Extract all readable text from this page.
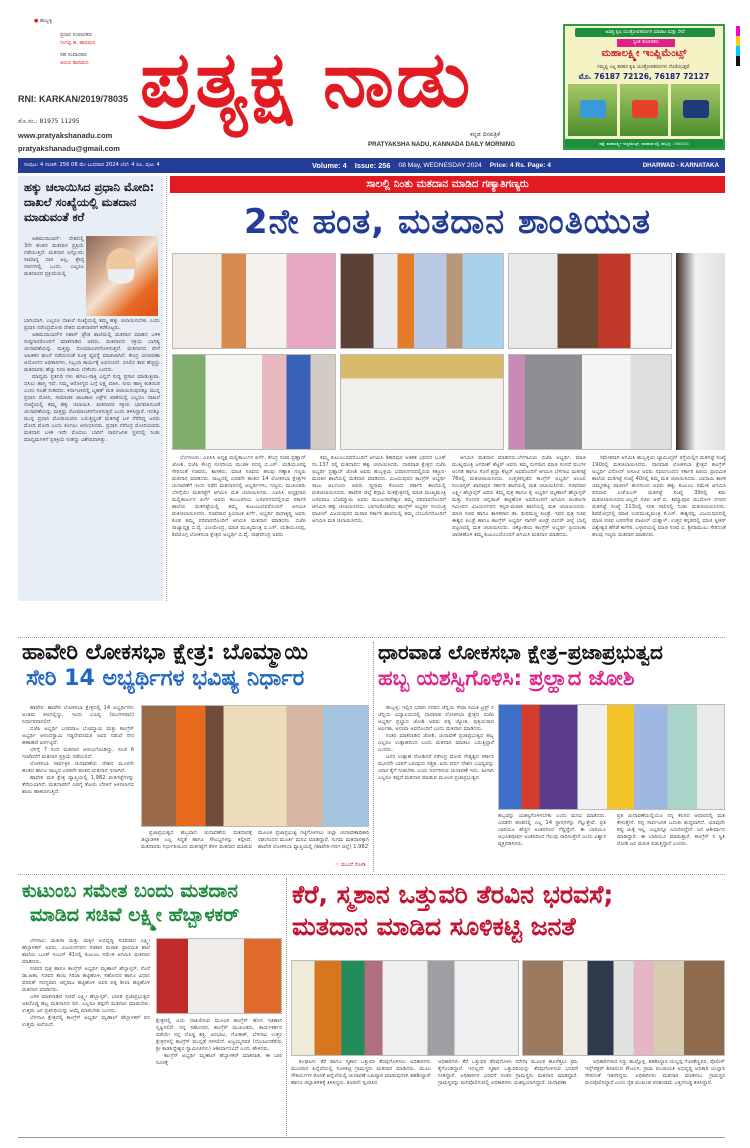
● ಹುಬ್ಬಳ್ಳಿ
ಪ್ರಧಾನ ಸಂಪಾದಕರು
ಗಂಗಪ್ಪ ಹ. ಹಾದಿಮನಿ
ಸಹ ಸಂಪಾದಕರು
ಅರುಣ ಹಾದಿಮನಿ
RNI: KARKAN/2019/78035
ಮೊ.ಸಂ.: 81975 11295
www.pratyakshanadu.com
pratyakshanadu@gmail.com
ಪ್ರತ್ಯಕ್ಷ ನಾಡು
ಕನ್ನಡ ದಿನಪತ್ರಿಕೆ
PRATYAKSHA NADU, KANNADA DAILY MORNING
ಅವಶ್ಯ ಕೃಷಿ ಯಂತ್ರೋಪಕರಣಗಳ ಮಾರಾಟ ಮತ್ತು ಸೇವೆ
ಸ್ವಂತ ತಯಾರಕರು
ಮಹಾಲಕ್ಷ್ಮೀ ಇಂಪ್ಲಿಮೆಂಟ್ಸ್
ನಮ್ಮಲ್ಲಿ ಎಲ್ಲ ತರಹದ ಕೃಷಿ ಯಂತ್ರೋಪಕರಣಗಳು ದೊರೆಯುತ್ತವೆ.
ಮೊ. 76187 72126, 76187 72127
ಪತ್ತೆ: ಮಹಾಲಕ್ಷ್ಮೀ ಇಂಪ್ಲಿಮೆಂಟ್ಸ್, ಧಾರವಾಡ ರಸ್ತೆ, ಹುಬ್ಬಳ್ಳಿ - 580024
ಸಂಪುಟ: 4 ಸಂಚಿಕೆ: 256 08 ಮೇ ಬುಧವಾರ 2024 ಬೆಲೆ: 4 ರೂ. ಪುಟ: 4	Volume: 4 Issue: 256 08 May, WEDNESDAY 2024 Price: 4 Rs. Page: 4	DHARWAD - KARNATAKA
ಹಕ್ಕು ಚಲಾಯಿಸಿದ ಪ್ರಧಾನಿ ಮೋದಿ: ದಾಖಲೆ ಸಂಖ್ಯೆಯಲ್ಲಿ ಮತದಾನ ಮಾಡುವಂತೆ ಕರೆ

ಅಹಮದಾಬಾದ್: ದೇಶದಲ್ಲಿ 3ನೇ ಹಂತದ ಮತದಾನ ಪ್ರಕ್ರಿಯೆ ನಡೆಯುತ್ತಿದೆ. ಮತದಾನ ಅನ್ನೋದು ಸಾಮಾನ್ಯ ದಾನ ಅಲ್ಲ. ಶ್ರೇಷ್ಠ ದಾನಗಳಲ್ಲಿ ಒಂದು. ಎಲ್ಲರೂ ಮತದಾನದ ಪ್ರಕ್ರಿಯೆಯಲ್ಲಿ

ಭಾಗಿಯಾಗಿ. ಎಲ್ಲರೂ ದಾಖಲೆ ಸಂಖ್ಯೆಯಲ್ಲಿ ತಮ್ಮ ಹಕ್ಕು ಚಲಾಯಿಸಬೇಕು ಎಂದು ಪ್ರಧಾನಿ ನರೇಂದ್ರಮೋದಿ ದೇಶದ ಮತದಾರರಿಗೆ ಕರೆಕೊಟ್ಟರು.

ಅಹಮದಾಬಾದ್‌ನ ನಿಶಾನ್ ಪ್ರೌಢ ಶಾಲೆಯಲ್ಲಿ ಮತದಾನ ಮಾಡಿದ ಬಳಿಕ ಸುದ್ದಿಗಾರರೊಂದಿಗೆ ಮಾತನಾಡಿದ ಅವರು, ಮತದಾನದ ಸಕ್ರಿಯ ಭಾಗಿತ್ವ ಚುನಾವಣೆಯನ್ನು ಮತ್ತಷ್ಟು ರೋಮಾಂಚನಗೊಳಿಸುತ್ತದೆ. ಮತದಾನದ ವೇಳೆ ಅಹಿತಕರ ಘಟನೆ ನಡೆಯದಂತೆ ಸೂಕ್ತ ವ್ಯವಸ್ಥೆ ಮಾಡಲಾಗಿದೆ. ಕೇಂದ್ರ ಚುನಾವಣಾ ಆಯೋಗದ ಅಧಿಕಾರಿಗಳು, ಸಿಬ್ಬಂದಿ ಕಾರ್ಯಕ್ಕೆ ಅಭಿನಂದನೆ. ಬಿಸಿಲಿನ ತಾಪ ಹೆಚ್ಚಿದ್ದು ಮತದಾರರು ಹೆಚ್ಚು ನೀರು ಕುಡಿಯ ಬೇಕೆಂದು ಎಂದರು.

ಮಾಧ್ಯಮ ಪ್ರತಿನಿಧಿ ಗಳು ಹಗಲು-ರಾತ್ರಿ ಎನ್ನದೆ ಸುದ್ದಿ ಪ್ರಸಾರ ಮಾಡುತ್ತೀರಾ. ಬಿಸಿಲು ಹಾಸ್ತಿ ಇದೆ. ನಿಮ್ಮ ಆರೋಗ್ಯದ ಬಗ್ಗೆ ಲಕ್ಷ್ಯ ವಹಿಸಿ. ನೀರು ಹಾಸ್ತಿ ಕುಡಿಯಿರಿ ಎಂದು ಸಲಹೆ ನೀಡಿದರು. ಕರ್ನಾಟಕದಲ್ಲಿ ಬೃಹತ್ ಮತ ಚಲಾಯಿಸುವುದಕ್ಕೂ ಮುನ್ನ ಪ್ರಧಾನಿ ಮೋದಿ, ಸಾಮಾಜಿಕ ಜಾಲತಾಣ ಎಕ್ಸ್‌ನ ಖಾತೆಯಲ್ಲಿ ಎಲ್ಲರೂ ದಾಖಲೆ ಸಂಖ್ಯೆಯಲ್ಲಿ ತಮ್ಮ ಹಕ್ಕು ಚಲಾಯಿಸಿ. ಮತದಾರರ ಸಕ್ರಿಯ ಭಾಗವಹಿಸುವಿಕೆ ಚುನಾವಣೆಯನ್ನು ಮತ್ತಷ್ಟು ರೋಮಾಂಚನಗೊಳಿಸುತ್ತದೆ ಎಂದು ತಿಳಿಸಿದ್ದಾರೆ. ಇದಕ್ಕೂ ಮುನ್ನ ಪ್ರಧಾನಿ ಮೋದಿಯವರು ಬರುತ್ತಿದ್ದಂತೆ ಮತಗಟ್ಟೆ ಬಳಿ ನೆರೆದಿದ್ದ ಜನರು ಮೋದಿ ಮೋದಿ ಎಂದು ಕೂಗಲು ಆರಂಭಿಸಿದರು. ಪ್ರಧಾನಿ ನರೇಂದ್ರ ಮೋದಿಯವರು ಮತದಾನ ಬಳಿಕ ಇದೇ ಮೊದಲು ಬಾರಿಗೆ ಸಾರ್ವಜನಿಕ ಸ್ಥಳದಲ್ಲಿ ನಿಂತು ಮಾಧ್ಯಮಗಳಿಗೆ ಪ್ರತಿಕ್ರಿಯೆ ನೀಡಿದ್ದು ವಿಶೇಷವಾಗಿತ್ತು.

ಸಾಲಲ್ಲಿ ನಿಂತು ಮತದಾನ ಮಾಡಿದ ಗಣ್ಯಾತಿಗಣ್ಯರು
2ನೇ ಹಂತ, ಮತದಾನ ಶಾಂತಿಯುತ

ಬೆಂಗಳೂರು: ಎಐಸಿಸಿ ಅಧ್ಯಕ್ಷ ಮಲ್ಲಿಕಾರ್ಜುನ ಖರ್ಗೆ, ಕೇಂದ್ರ ಸಚಿವ ಪ್ರಹ್ಲಾದ್ ಜೋಶಿ, ಬಿಜೆಪಿ ಕೇಂದ್ರ ಸಂಸದೀಯ ಮಂಡಳಿ ಸದಸ್ಯ ಬಿ.ಎಸ್. ಯಡಿಯೂರಪ್ಪ ಸೇರಿದಂತೆ ಸಚಿವರು, ಶಾಸಕರು, ಮಾಜಿ ಸಚಿವರು ಹಲವು ಗಣ್ಯಾತಿ ಗಣ್ಯರು ಮತದಾನ ಮಾಡಿದರು. ರಾಜ್ಯದಲ್ಲಿ ಎರಡನೇ ಹಂತದ 14 ಲೋಕಸಭಾ ಕ್ಷೇತ್ರಗಳ ಚುನಾವಣೆಗೆ ಇಂದು ನಡೆದ ಮತದಾನದಲ್ಲಿ ಅಭ್ಯರ್ಥಿಗಳು, ಗಣ್ಯರು, ಮುಖಂಡರು ಬೆಳಗ್ಗೆಯೇ ಮತಗಟ್ಟೆಗೆ ಆಗಮಿಸಿ ಮತ ಚಲಾಯಿಸಿದರು. ಎಐಸಿಸಿ ಅಧ್ಯಕ್ಷರಾದ ಮಲ್ಲಿಕಾರ್ಜುನ ಖರ್ಗೆ ಅವರು ಕಲಬುರಗಿಯ ಬಸವನಗರದಲ್ಲಿರುವ ಸರ್ಕಾರಿ ಶಾಲೆಯ ಮತಗಟ್ಟೆಯಲ್ಲಿ ತಮ್ಮ ಕುಟುಂಬದವರೊಂದಿಗೆ ಆಗಮಿಸಿ ಮತಚಲಾಯಿಸಿದರು. ಸಚಿವರಾದ ಪ್ರಿಯಾಂಕ ಖರ್ಗೆ, ಅಭ್ಯರ್ಥಿ ರಾಧಾಕೃಷ್ಣ ಅವರು ಕೂಡ ತಮ್ಮ ಪರಿವಾರದೊಂದಿಗೆ ಆಗಮಿಸಿ ಮತದಾನ ಮಾಡಿದರು. ಬಿಜೆಪಿ ರಾಜ್ಯಾಧ್ಯಕ್ಷ ಬಿ.ವೈ. ವಿಜಯೇಂದ್ರ, ಮಾಜಿ ಮುಖ್ಯಮಂತ್ರಿ ಬಿ.ಎಸ್. ಯಡಿಯೂರಪ್ಪ, ಶಿವಮೊಗ್ಗ ಲೋಕಸಭಾ ಕ್ಷೇತ್ರದ ಅಭ್ಯರ್ಥಿ ಬಿ.ವೈ. ರಾಘವೇಂದ್ರ ಅವರು

ತಮ್ಮ ಕುಟುಂಬದವರೊಂದಿಗೆ ಆಗಮಿಸಿ ಶಿಕಾರಿಪುರ ಅಡಕತ ಭವನದ ಬೂತ್ ನಂ.137 ರಲ್ಲಿ ಮತದಾನದ ಹಕ್ಕು ಚಲಾಯಿಸಿದರು. ಧಾರವಾಡ ಕ್ಷೇತ್ರದ ಬಿಜೆಪಿ ಅಭ್ಯರ್ಥಿ ಪ್ರಹ್ಲಾದ್ ಜೋಶಿ ಅವರು ಹುಬ್ಬಳ್ಳಿಯ ಭವಾನಿನಗರದಲ್ಲಿರುವ ಕಿತ್ತೂರ-ಮಣಕಿನ ಶಾಲೆಯಲ್ಲಿ ಮತದಾನ ಮಾಡಿದರು. ವಿಜಯಪುರದ ಕಾಂಗ್ರೆಸ್ ಅಭ್ಯರ್ಥಿ ರಾಜು ಆಲಗೂರು ಅವರು ಸ್ವಗ್ರಾಮ ಕೋಣದ ಸರ್ಕಾರಿ ಶಾಲೆಯಲ್ಲಿ ಮತಚಲಾಯಿಸಿದರು. ಹಾವೇರಿ ಜಿಲ್ಲೆ ಶಿಗ್ಗಾವಿ ಮತಕ್ಷೇತ್ರದಲ್ಲಿ ಮಾಜಿ ಮುಖ್ಯಮಂತ್ರಿ ಬಸವರಾಜ ಬೊಮ್ಮಾಯಿ ಅವರು ಮಂಜುನಾಥೇಶ್ವರ ತಮ್ಮ ಪರಿವಾರದೊಂದಿಗೆ ಆಗಮಿಸಿ ಹಕ್ಕು ಚಲಾಯಿಸಿದರು. ಬಾಗಲಕೋಟೆಯ ಕಾಂಗ್ರೆಸ್ ಅಭ್ಯರ್ಥಿ ಸಂಯುಕ್ತ ಪಾಟೀಲ್ ವಿಜಯಪುರದ ಮರಾಠ ಸರ್ಕಾರಿ ಶಾಲೆಯಲ್ಲಿ ತಮ್ಮ ಬೆಂಬಲಿಗರೊಂದಿಗೆ ಆಗಮಿಸಿ ಮತ ಚಲಾಯಿಸಿದರು.

ಆಗಮಿಸಿ ಮತದಾನ ಮಾಡಿದರು.ಬೆಳಗಾವಿಯ ಬಿಜೆಪಿ ಅಭ್ಯರ್ಥಿ, ಮಾಜಿ ಮುಖ್ಯಮಂತ್ರಿ ಜಗದೀಶ್ ಶೆಟ್ಟರ್ ಅವರು ತಮ್ಮ ಬೀಗರಾದ ಮಾಜಿ ಸಂಸದೆ ಮಂಗಳ ಅಂಗಡಿ ಹಾಗೂ ಸೊಸೆ ಶ್ರದ್ಧಾ ಶೆಟ್ಟರ್ ಅವರೊಂದಿಗೆ ಆಗಮಿಸಿ ಬೆಳಗಾವಿ ಮತಗಟ್ಟೆ 76ರಲ್ಲಿ ಮತಚಲಾಯಿಸಿದರು. ಉತ್ತರಕನ್ನಡದ ಕಾಂಗ್ರೆಸ್ ಅಭ್ಯರ್ಥಿ ಅಂಜಲಿ ನಿಂಬಾಳ್ಕರ್ ಖಾನಾಪುರ ಸರ್ಕಾರಿ ಶಾಲೆಯಲ್ಲಿ ಮತ ಚಲಾಯಿಸಿದರು. ಸಚಿವರಾದ ಲಕ್ಷ್ಮೀ ಹೆಬ್ಬಾಳ್ಕರ್ ಅವರು ತಮ್ಮ ಪುತ್ರ ಹಾಗೂ ಕೈ ಅಭ್ಯರ್ಥಿ ಮೃಣಾಲ್ ಹೆಬ್ಬಾಳ್ಕರ್ ಮತ್ತು ಸೋದರ ಚನ್ನರಾಜ್ ಹಟ್ಟಿಹೊಳಿ ಅವರೊಂದಿಗೆ ಆಗಮಿಸಿ ಹಿಂಡಲಗಾ ಸಮೀಪದ ವಿಜಯನಗರದ ಕನ್ನಡ-ಮರಾಠಿ ಶಾಲೆಯಲ್ಲಿ ಮತ ಚಲಾಯಿಸಿದರು. ಮಾಜಿ ಸಚಿವ ಹಾಗೂ ಶಾಸಕರಾದ ಡಾ. ಧೀರಮಣ್ಣ ಖಂಡ್ರೆ, ಇವರ ಪುತ್ರ ಸಚಿವ ಈಶ್ವರ ಖಂಡ್ರೆ ಹಾಗೂ ಕಾಂಗ್ರೆಸ್ ಅಭ್ಯರ್ಥಿ ಸಾಗರ್ ಖಂಡ್ರೆ ಬೀದರ್ ಜಿಲ್ಲೆ ಭಾಲ್ಕಿ ಪಟ್ಟಣದಲ್ಲಿ ಮತ ಚಲಾಯಿಸಿದರು. ಚಿಕ್ಕೋಡಿಯ ಕಾಂಗ್ರೆಸ್ ಅಭ್ಯರ್ಥಿ ಪ್ರಿಯಾಂಕಾ ಜಾರಕಿಹೊಳಿ ತಮ್ಮ ಕುಟುಂಬದೊಂದಿಗೆ ಆಗಮಿಸಿ ಮತದಾನ ಮಾಡಿದರು.

ಸಮೇತರಾಗಿ ಆಗಮಿಸಿ ಹುಬ್ಬಳ್ಳಿಯ ಲ್ಯಾಮಿಂಗ್ಟನ್ ರಸ್ತೆಯಲ್ಲಿನ ಮತಗಟ್ಟೆ ಸಂಖ್ಯೆ 190ರಲ್ಲಿ ಮತಚಲಾಯಿಸಿದರು. ಧಾರವಾಡ ಲೋಕಸಭಾ ಕ್ಷೇತ್ರದ ಕಾಂಗ್ರೆಸ್ ಅಭ್ಯರ್ಥಿ ವಿನೋದ್ ಅಸೂಟಿ ಅವರು ನವಲಗುಂದದ ಸರ್ಕಾರಿ ಹಿರಿಯ ಪ್ರಾಥಮಿಕ ಶಾಲೆಯ ಮತಗಟ್ಟೆ ಸಂಖ್ಯೆ 40ರಲ್ಲಿ ತಮ್ಮ ಮತ ಚಲಾಯಿಸಿದರು. ಬಾದಾಮಿ ಶಾಸಕ ಚಿಮ್ಮನಕಟ್ಟಿ ಪಾಟೀಲ್ ಹುನಗುಂದ ಅವರು ಹಕ್ಕು ಕುಟುಂಬ ಸಮೇತ ಆಗಮಿಸಿ ಪರಿಲಾಪ ಎಚ್‌ಪಿಎಸ್ ಮತಗಟ್ಟೆ ಸಂಖ್ಯೆ 39ರಲ್ಲಿ ತಮ ಮತಚಲಾಯಿಸಿದರು.ಅಲ್ಲದೆ ಸಚಿವ ಆರ್.ಬಿ. ತಿಮ್ಮಾಪೂರ ಮುಧೋಳ ನಗರದ ಮತಗಟ್ಟೆ ಸಂಖ್ಯೆ 113ರಲ್ಲಿ ಸರತಿ ಸಾಲಿನಲ್ಲಿ ನಿಂತು ಮತಚಲಾಯಿಸಿದರು. ಶಿವಮೊಗ್ಗದಲ್ಲಿ ಮಾಜಿ ಉಪಮುಖ್ಯಮಂತ್ರಿ ಕೆ.ಎಸ್. ಈಶ್ವರಪ್ಪ, ವಿಜಯಪುರದಲ್ಲಿ ಮಾಜಿ ಸಚಿವ ಬಸನಗೌಡ ಪಾಟೀಲ್ ಯತ್ನಾಳ್, ಉತ್ತರ ಕನ್ನಡದಲ್ಲಿ ಮಾಜಿ ಸ್ಪೀಕರ್ ವಿಶ್ವೇಶ್ವರ ಹೆಗಡೆ ಕಾಗೇರಿ, ಬಳ್ಳಾರಿಯಲ್ಲಿ ಮಾಜಿ ಸಚಿವ ಬಿ. ಶ್ರೀರಾಮುಲು ಸೇರಿದಂತೆ ಹಲವು ಗಣ್ಯರು ಮತದಾನ ಮಾಡಿದರು.

ಹಾವೇರಿ ಲೋಕಸಭಾ ಕ್ಷೇತ್ರ: ಬೊಮ್ಮಾಯಿ
ಸೇರಿ 14 ಅಭ್ಯರ್ಥಿಗಳ ಭವಿಷ್ಯ ನಿರ್ಧಾರ

ಹಾವೇರಿ: ಹಾವೇರಿ ಲೋಕಸಭಾ ಕ್ಷೇತ್ರದಲ್ಲಿ 14 ಅಭ್ಯರ್ಥಿಗಳು ಅಂತಿಮ ಕಣದಲ್ಲಿದ್ದು, ಇಂದು ಭವಿಷ್ಯ (ಮಂಗಳವಾರ) ನಿರ್ಧಾರವಾಗಲಿದೆ.

ಬಿಜೆಪಿ ಅಭ್ಯರ್ಥಿ ಬಸವರಾಜ ಬೊಮ್ಮಾಯಿ ಮತ್ತು ಕಾಂಗ್ರೆಸ್ ಅಭ್ಯರ್ಥಿ ಆನಂದಸ್ವಾಮಿ ಗಡ್ಡದೇವರಮಠ ಅವರ ನಡುವೆ ನೇರ ಹಣಾಹಣಿ ಏರ್ಪಟ್ಟಿದೆ.

ಬೆಳಗ್ಗೆ 7 ರಿಂದ ಮತದಾನ ಆರಂಭಗೊಂಡಿದ್ದು, ಸಂಜೆ 6 ಗಂಟೆವರೆಗೆ ಮತದಾನ ಪ್ರಕ್ರಿಯೆ ನಡೆಯಲಿದೆ.

ಲೋಕಸಭಾ ಸಾರ್ವತ್ರಿಕ ಚುನಾವಣೆಯ ದೇಶದ ಮೂರನೇ ಹಂತದ ಹಾಗೂ ರಾಜ್ಯದ ಎರಡನೇ ಹಂತದ ಮತದಾನ ಇದಾಗಿದೆ.

ಹಾವೇರಿ ಮತ ಕ್ಷೇತ್ರ ವ್ಯಾಪ್ತಿಯಲ್ಲಿ 1,982 ಮತಗಟ್ಟೆಗಳನ್ನು ತೆರೆಯಲಾಗಿದೆ. ಮತದಾರರಿಗೆ ಎಡಗೈ ತೋರು ಬೆರಳಿಗೆ ಅಳಿಸಲಾಗದ ಶಾಯಿ ಹಾಕಲಾಗುತ್ತಿದೆ.

ಪ್ರಜಾಪ್ರಭುತ್ವದ ಹಬ್ಬವಾದ ಚುನಾವಣೆಯ ಮತದಾನಕ್ಕೆ ಜಿಲ್ಲಾಡಳಿತ ಎಲ್ಲ ಸಿದ್ಧತೆ ಹಾಗೂ ಸೌಲಭ್ಯಗಳನ್ನು ಕಲ್ಪಿಸಿದೆ. ಮತದಾರರು ನಿರ್ಭೀತಿಯಿಂದ ಮತಗಟ್ಟೆಗೆ ತೆರಳಿ ಮತದಾನ ಮಾಡುವ ಮೂಲಕ ಪ್ರಜಾಪ್ರಭುತ್ವ ಗಟ್ಟಿಗೊಳಿಸಲು ಜಿಲ್ಲಾ ಚುನಾವಣಾಧಿಕಾರಿ ರಘುನಂದನ ಮೂರ್ತಿ ಮನವಿ ಮಾಡಿದ್ದಾರೆ. ಸುಗಮ ಮತದಾನಕ್ಕಾಗಿ ಹಾವೇರಿ ಲೋಕಸಭಾ ವ್ಯಾಪ್ತಿಯಲ್ಲಿ (ಹಾವೇರಿ-ಗದಗ ಜಿಲ್ಲೆ) 1,982

☞ ಮುಂದೆ ನೋಡಿ
ಧಾರವಾಡ ಲೋಕಸಭಾ ಕ್ಷೇತ್ರ–ಪ್ರಜಾಪ್ರಭುತ್ವದ
ಹಬ್ಬ ಯಶಸ್ವಿಗೊಳಿಸಿ: ಪ್ರಲ್ಹಾದ ಜೋಶಿ

ಹುಬ್ಬಳ್ಳಿ: ಇಲ್ಲಿನ ಭವಾನಿ ನಗರದ ಚೆನ್ನಯ ಸೇವಾ ಸಮಿತಿ ಟ್ರಸ್ಟ್ ನ ಚೆನ್ನಯ ವಿದ್ಯಾಲಯದಲ್ಲಿ ಧಾರವಾಡ ಲೋಕಸಭಾ ಕ್ಷೇತ್ರದ ಬಿಜೆಪಿ ಅಭ್ಯರ್ಥಿ ಪ್ರಲ್ಹಾದ ಜೋಶಿ ಅವರು ಪತ್ನಿ ಜ್ಯೋತಿ, ಪುತ್ರಿಯರಾದ ಅರ್ಪಿತಾ, ಅನುಷಾ ಅವರೊಂದಿಗೆ ಬಂದು ಮತದಾನ ಮಾಡಿದರು.

ನಂತರ ಮಾತನಾಡಿದ ಜೋಶಿ, ಚುನಾವಣೆ ಪ್ರಜಾಪ್ರಭುತ್ವದ ಹಬ್ಬ ಎಲ್ಲರೂ ಉತ್ಸಾಹದಿಂದ ಬಂದು ಮತದಾನ ಮಾಡಲು ಬರುತ್ತಿದ್ದಾರೆ ಎಂದರು.

ಜನರ ಉತ್ಸಾಹ ನೋಡಿದರೆ ನರೇಂದ್ರ ಮೋದಿ ನೇತೃತ್ವದ ಸರ್ಕಾರ ಮೂರನೇ ಬಾರಿಗೆ ಬರುವುದು ನಿಶ್ಚಿತ. ಐದು ವರ್ಷ ದೇಶದ ಭವಿಷ್ಯವನ್ನು ಯಾರ ಕೈಗೆ ನೀಡಬೇಕು ಎಂದು ನಿರ್ಧರಿಸುವ ಚುನಾವಣೆ ಇದು. ಹೀಗಾಗಿ ಎಲ್ಲರೂ ತಪ್ಪದೆ ಮತದಾನ ಮಾಡುವ ಮೂಲಕ ಪ್ರಜಾಪ್ರಭುತ್ವದ

ಹಬ್ಬವನ್ನು ಯಶಸ್ವಿಗೊಳಿಸಬೇಕು ಎಂದು ಮನವಿ ಮಾಡಿದರು. ಎರಡನೇ ಹಂತದಲ್ಲಿ ಎಲ್ಲ 14 ಸ್ಥಾನಗಳನ್ನು ಗೆಲ್ಲುತ್ತೇವೆ. ಪ್ರತಿ ಬಾರಿಯೂ ಹೆಚ್ಚಿನ ಅಂತರದಿಂದ ಗೆದ್ದಿದ್ದೇನೆ. ಈ ಬಾರಿಯೂ ಅಭೂತಪೂರ್ವ ಅಂತರದಿಂದ ಗೆಲುವು ಸಾಧಿಸುತ್ತೇನೆ ಎಂದು ವಿಶ್ವಾಸ ವ್ಯಕ್ತಪಡಿಸಿದರು.

ಪ್ರತಿ ಚುನಾವಣೆಯಲ್ಲಿಯೂ ನನ್ನ ಕೆಲಸದ ಆಧಾರದಲ್ಲಿ ಮತ ಕೇಳುತ್ತೇನೆ. ನನ್ನ ಸಾರ್ವಜನಿಕ ಬದುಕು ಶುದ್ಧವಾಗಿದೆ. ಯಾವುದೇ ಕಪ್ಪು ಚುಕ್ಕೆ ಇಲ್ಲ. ಎಲ್ಲವನ್ನೂ ಎದುರಿಸಿದ್ದೇನೆ. ಜನ ಆಶೀರ್ವಾದ ಮಾಡಿದ್ದಾರೆ. ಈ ಬಾರಿಯೂ ಮಾಡುತ್ತಾರೆ. ಕಾಂಗ್ರೆಸ್ ನ ಸ್ಥಿತಿ ನೋಡಿ ಜನ ಮರುಕ ಪಡುತ್ತಿದ್ದಾರೆ ಎಂದರು.

ಕುಟುಂಬ ಸಮೇತ ಬಂದು ಮತದಾನ
ಮಾಡಿದ ಸಚಿವೆ ಲಕ್ಷ್ಮೀ ಹೆಬ್ಬಾಳಕರ್

ಬೆಳಗಾವಿ: ಮಹಿಳಾ ಮತ್ತು ಮಕ್ಕಳ ಅಭಿವೃದ್ಧಿ ಸಚಿವರಾದ ಲಕ್ಷ್ಮೀ ಹೆಬ್ಬಾಳಕರ್ ಅವರು, ವಿಜಯನಗರದ ಸರಕಾರಿ ಮರಾಠಿ ಪ್ರಾಥಮಿಕ ಶಾಲೆ ಶಾಲೆಯ ಬೂತ್ ನಂಬರ್ 41ರಲ್ಲಿ ಕುಟುಂಬ ಸಮೇತ ಆಗಮಿಸಿ ಮತದಾನ ಮಾಡಿದರು.

ಸಚಿವರ ಪುತ್ರ ಹಾಗೂ ಕಾಂಗ್ರೆಸ್ ಅಭ್ಯರ್ಥಿ ಮೃಣಾಲ್ ಹೆಬ್ಬಾಳ್ಕರ್, ಸೊಸೆ ಡಾ.ಹಿತಾ, ಸಚಿವರ ತಾಯಿ ಗಿರಿಜಾ ಹಟ್ಟಿಹೊಳಿ, ಸಹೋದರ ಹಾಗೂ ವಿಧಾನ ಪರಿಷತ್ ಸದಸ್ಯರಾದ ಚನ್ನರಾಜ ಹಟ್ಟಿಹೊಳಿ ಅವರ ಪತ್ನಿ ಶೀಲಾ ಹಟ್ಟಿಹೊಳಿ ಮತದಾನ ಮಾಡಿದರು.

ಬಳಿಕ ಮಾತನಾಡಿದ ಸಚಿವೆ ಲಕ್ಷ್ಮೀ ಹೆಬ್ಬಾಳ್ಕರ್, ಭಾರತ ಪ್ರಜಾಪ್ರಭುತ್ವದ ಅತಿದೊಡ್ಡ ಹಬ್ಬ ಮತದಾನದ ದಿನ. ಎಲ್ಲರೂ ತಪ್ಪದೇ ಮತದಾನ ಮಾಡಬೇಕು. ಉತ್ತಮ ಜನ ಪ್ರತಿನಿಧಿಯನ್ನು ಆಯ್ಕೆ ಮಾಡಬೇಕು ಎಂದರು.

ಬೆಳಗಾವಿ ಕ್ಷೇತ್ರದಲ್ಲಿ ಕಾಂಗ್ರೆಸ್ ಅಭ್ಯರ್ಥಿ ಮೃಣಾಲ್ ಹೆಬ್ಬಾಳಕರ್ ಪರ ಉತ್ತಮ ಅಲೆಯಿದೆ.

ಕ್ಷೇತ್ರದಲ್ಲಿ ಜಯ ದಾಖಲಿಸುವ ಮೂಲಕ ಕಾಂಗ್ರೆಸ್ ಹೊಸ ಇತಿಹಾಸ ಸೃಷ್ಟಿಸಲಿದೆ. ನನ್ನ ಸಹೋದರ, ಕಾಂಗ್ರೆಸ್ ಮುಖಂಡರು, ಕಾರ್ಯಕರ್ತರ ಪಡೆಯೇ ನನ್ನ ದೊಡ್ಡ ಶಕ್ತಿ, ಅರಭಾವಿ, ಗೋಕಾಕ್, ಬೆಳಗಾವಿ ಉತ್ತರ ಕ್ಷೇತ್ರಗಳಲ್ಲಿ ಕಾಂಗ್ರೆಸ್ ಮುನ್ನಡೆ ಗಳಿಸಲಿದೆ. ಅಜ್ಜಯ್ಯನವರ (ನೊಣವಿನಕೆರೆಯ ಶ್ರೀ ಕಾಡಸಿದ್ದೇಶ್ವರ ಸ್ವಾಮೀಜಿಗಳು) ಆಶೀರ್ವಾದವಿದೆ ಎಂದು ಹೇಳಿದರು.

ಕಾಂಗ್ರೆಸ್ ಅಭ್ಯರ್ಥಿ ಮೃಣಾಲ್ ಹೆಬ್ಬಾಳಕರ್ ಮಾತನಾಡಿ, ಈ ಬಾರಿ ನೂರಕ್ಕೆ

ಕೆರೆ, ಸ್ಮಶಾನ ಒತ್ತುವರಿ ತೆರವಿನ ಭರವಸೆ;
ಮತದಾನ ಮಾಡಿದ ಸೂಳಿಕಟ್ಟಿ ಜನತೆ

ಕಲಘಟಗಿ: ಕೆರೆ ಹಾಗೂ ಸ್ಮಶಾನ ಒತ್ತುವರಿ ತೆರವುಗೊಳಿಸಲು ಅಧಿಕಾರಿಗಳು ಮುಂದಾದ ಹಿನ್ನೆಲೆಯಲ್ಲಿ ಸೂಳಿಕಟ್ಟಿ ಗ್ರಾಮಸ್ಥರು ಮತದಾನ ಮಾಡಿದರು. ಮೂಲ ಸೌಕರ್ಯಗಳ ಕೊರತೆ ಹಿನ್ನೆಲೆಯಲ್ಲಿ ಚುನಾವಣೆ ಬಹಿಷ್ಕಾರ ಮಾಡುವುದಾಗಿ ತಹಶೀಲ್ದಾರ್ ಹಾಗೂ ಜಿಲ್ಲಾಡಳಿತಕ್ಕೆ ತಿಳಿಸಿದ್ದರು. ಕೂಡಲೇ ಸ್ಪಂದಿಸಿದ

ಅಧಿಕಾರಿಗಳು ಕೆರೆ ಒತ್ತುವರಿ ತೆರವುಗೊಳಿಸಿ ನರೇಗಾ ಮೂಲಕ ಹೂಳೆತ್ತಲು ಕ್ರಮ ಕೈಗೊಂಡಿದ್ದಾರೆ. ಇದಲ್ಲದೇ ಸ್ಮಶಾನ ಒತ್ತುವರಿಯನ್ನು ತೆರವುಗೊಳಿಸುವ ಭರವಸೆ ನೀಡಿದ್ದಾರೆ. ಅಧಿಕಾರಿಗಳ ಭರವಸೆ ನಂತರ ಗ್ರಾಮಸ್ಥರು ಮತದಾನ ಮಾಡಿದ್ದಾರೆ. ಗ್ರಾಮಸ್ಥರನ್ನು ಮನವೊಲಿಸುವಲ್ಲಿ ಅಧಿಕಾರಿಗಳು ಯಶಸ್ವಿಯಾಗಿದ್ದಾರೆ. ಚುನಾವಣಾ

ಅಧಿಕಾರಿಗಳಾದ ಸಿದ್ದು ಹುಲ್ಲೊಳ್ಳಿ, ತಹಶೀಲ್ದಾರ ಯಲ್ಲಪ್ಪ ಗೋಣೆಣ್ಣವರ, ಪೊಲೀಸ್ ಇನ್ಸ್‌ಪೆಕ್ಟರ್ ಶಿವಾನಂದ ಕೌಜಲಗಿ, ಗ್ರಾಮ ಪಂಚಾಯತಿ ಅಭಿವೃದ್ಧಿ ಅಧಿಕಾರಿ ಯಲ್ಲಾರಿ ಸೇರಿದಂತೆ ಇತರರಿದ್ದರು. ಅಧಿಕಾರಿಗಳು ಮತದಾನ ಮಾಡಿಸಲು ಗ್ರಾಮಸ್ಥರ ಮನವೊಲಿಸಿದ್ದಾರೆ ಎಂದು ರೈತ ಮುಖಂಡ ಪರಶುರಾಮ ಎತ್ತಿನಗುಡ್ಡ ತಿಳಿಸಿದ್ದಾರೆ.
